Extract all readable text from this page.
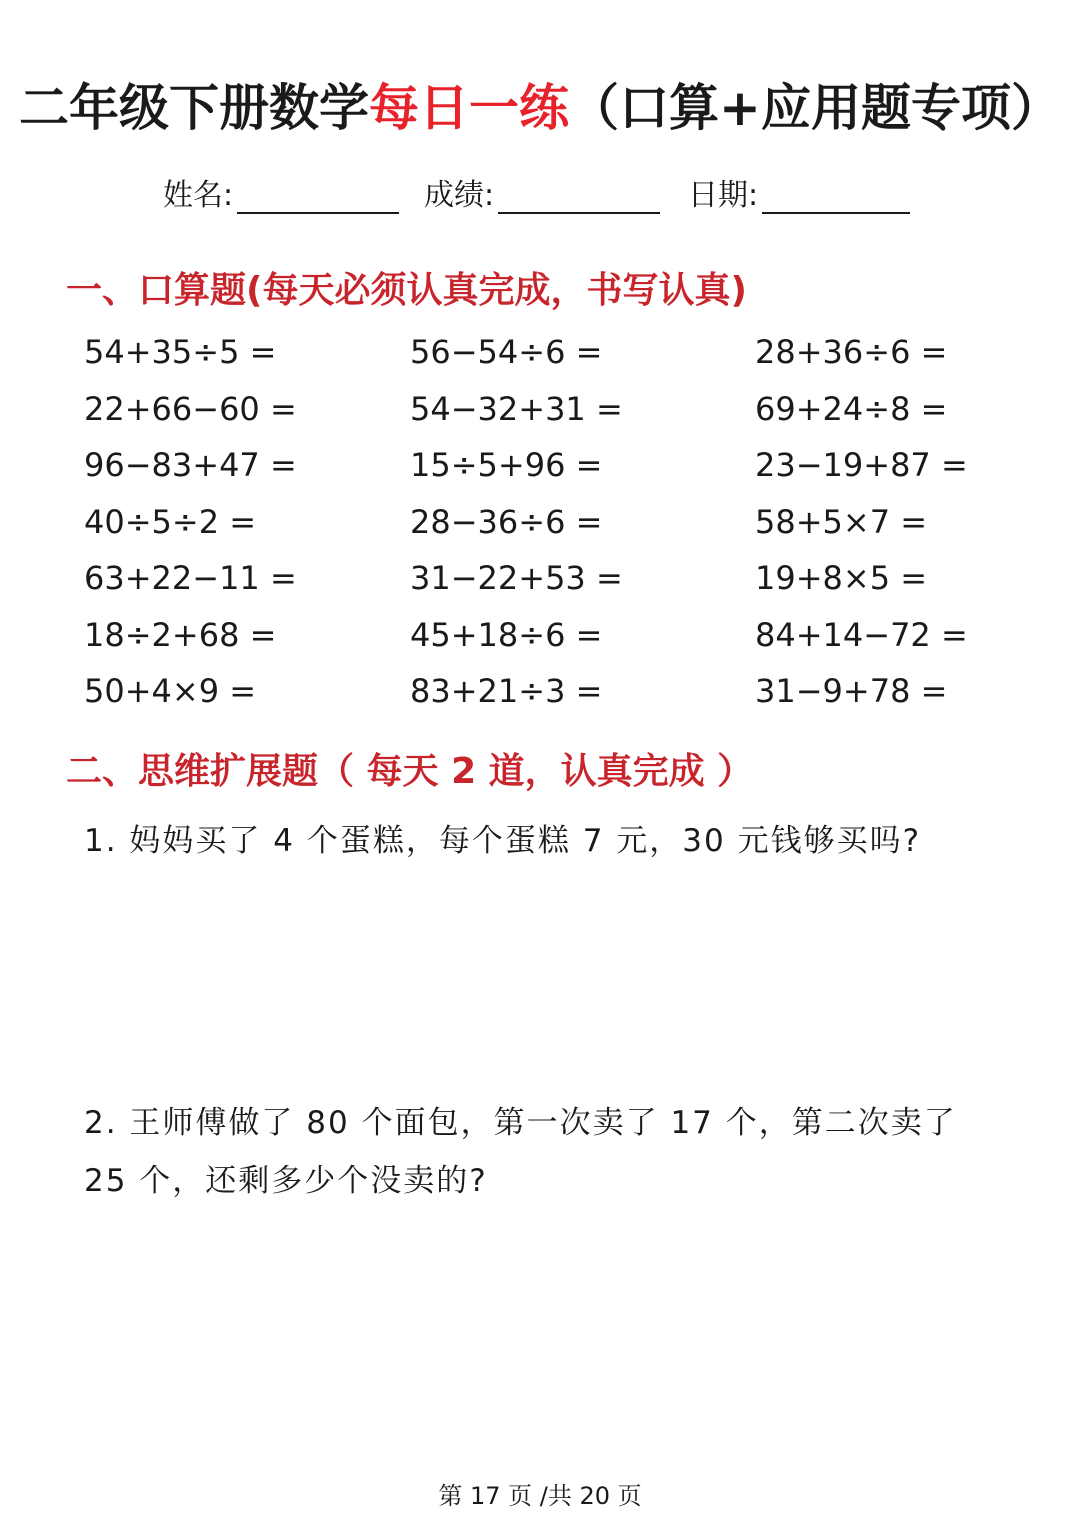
二年级下册数学每日一练（口算+应用题专项）
姓名:	成绩:	日期:
一、口算题(每天必须认真完成，书写认真)
54+35÷5 =	56−54÷6 =	28+36÷6 =
22+66−60 =	54−32+31 =	69+24÷8 =
96−83+47 =	15÷5+96 =	23−19+87 =
40÷5÷2 =	28−36÷6 =	58+5×7 =
63+22−11 =	31−22+53 =	19+8×5 =
18÷2+68 =	45+18÷6 =	84+14−72 =
50+4×9 =	83+21÷3 =	31−9+78 =
二、思维扩展题（ 每天 2 道，认真完成 ）
1. 妈妈买了 4 个蛋糕，每个蛋糕 7 元，30 元钱够买吗?
2. 王师傅做了 80 个面包，第一次卖了 17 个，第二次卖了
25 个，还剩多少个没卖的?
第 17 页 /共 20 页
